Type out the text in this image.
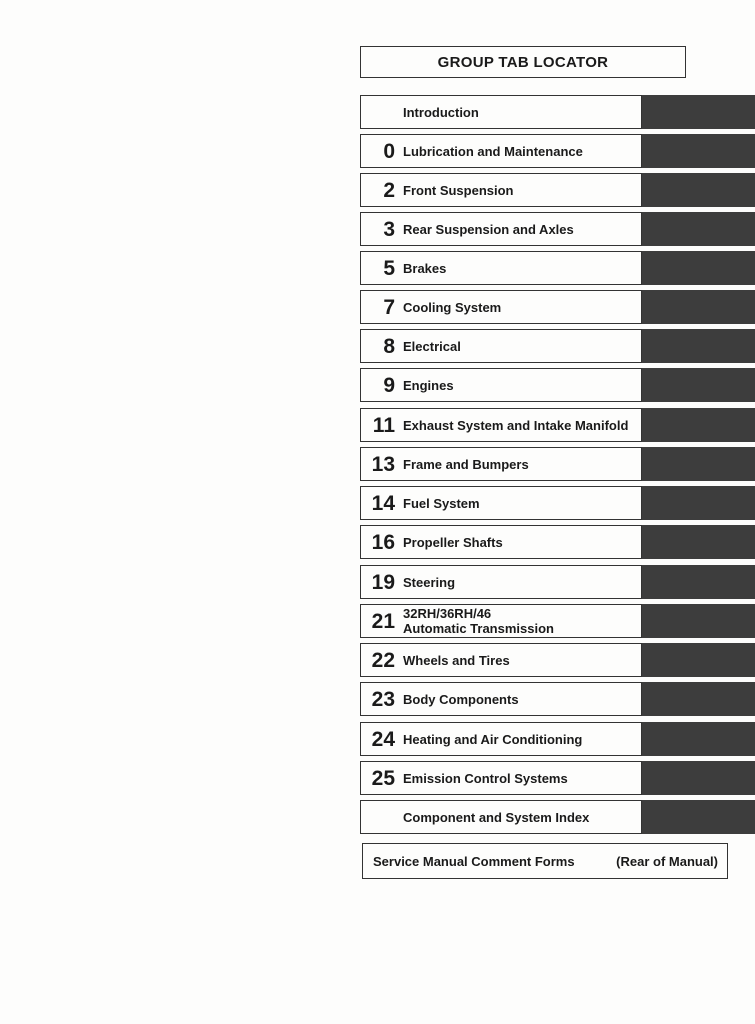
GROUP TAB LOCATOR
Introduction
0 Lubrication and Maintenance
2 Front Suspension
3 Rear Suspension and Axles
5 Brakes
7 Cooling System
8 Electrical
9 Engines
11 Exhaust System and Intake Manifold
13 Frame and Bumpers
14 Fuel System
16 Propeller Shafts
19 Steering
21 32RH/36RH/46
Automatic Transmission
22 Wheels and Tires
23 Body Components
24 Heating and Air Conditioning
25 Emission Control Systems
Component and System Index
Service Manual Comment Forms	(Rear of Manual)
